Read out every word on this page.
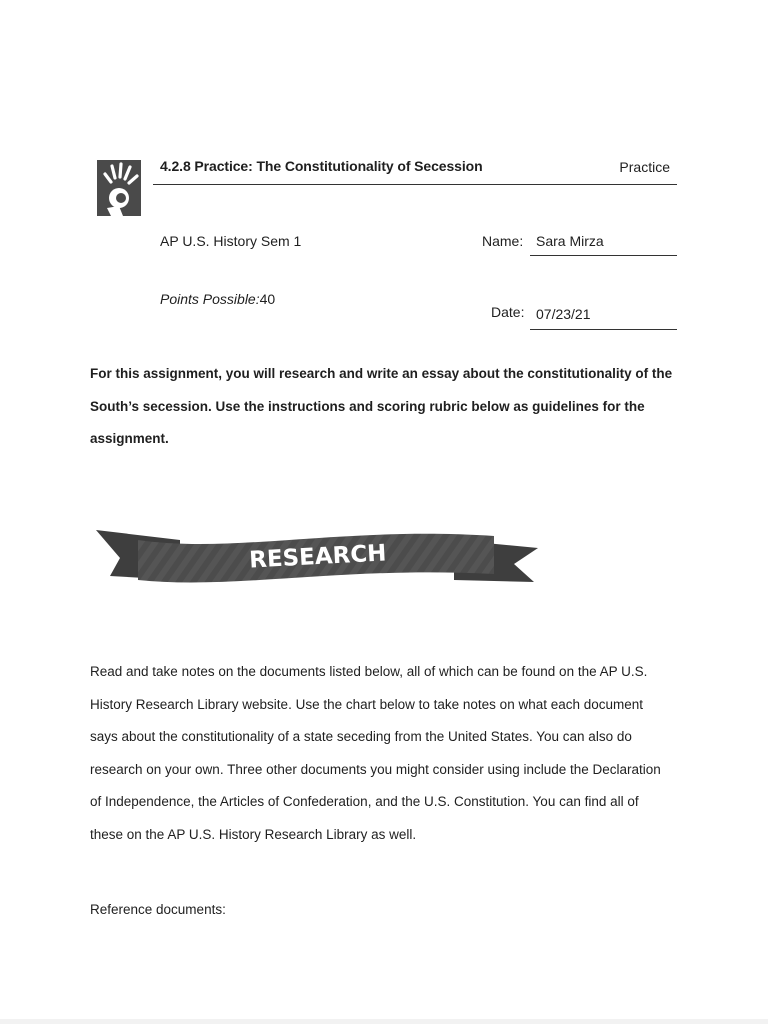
4.2.8 Practice: The Constitutionality of Secession	Practice
AP U.S. History Sem 1
Points Possible:40
Name: Sara Mirza
Date: 07/23/21
For this assignment, you will research and write an essay about the constitutionality of the
South’s secession. Use the instructions and scoring rubric below as guidelines for the
assignment.
RESEARCH
Read and take notes on the documents listed below, all of which can be found on the AP U.S.
History Research Library website. Use the chart below to take notes on what each document
says about the constitutionality of a state seceding from the United States. You can also do
research on your own. Three other documents you might consider using include the Declaration
of Independence, the Articles of Confederation, and the U.S. Constitution. You can find all of
these on the AP U.S. History Research Library as well.
Reference documents:
